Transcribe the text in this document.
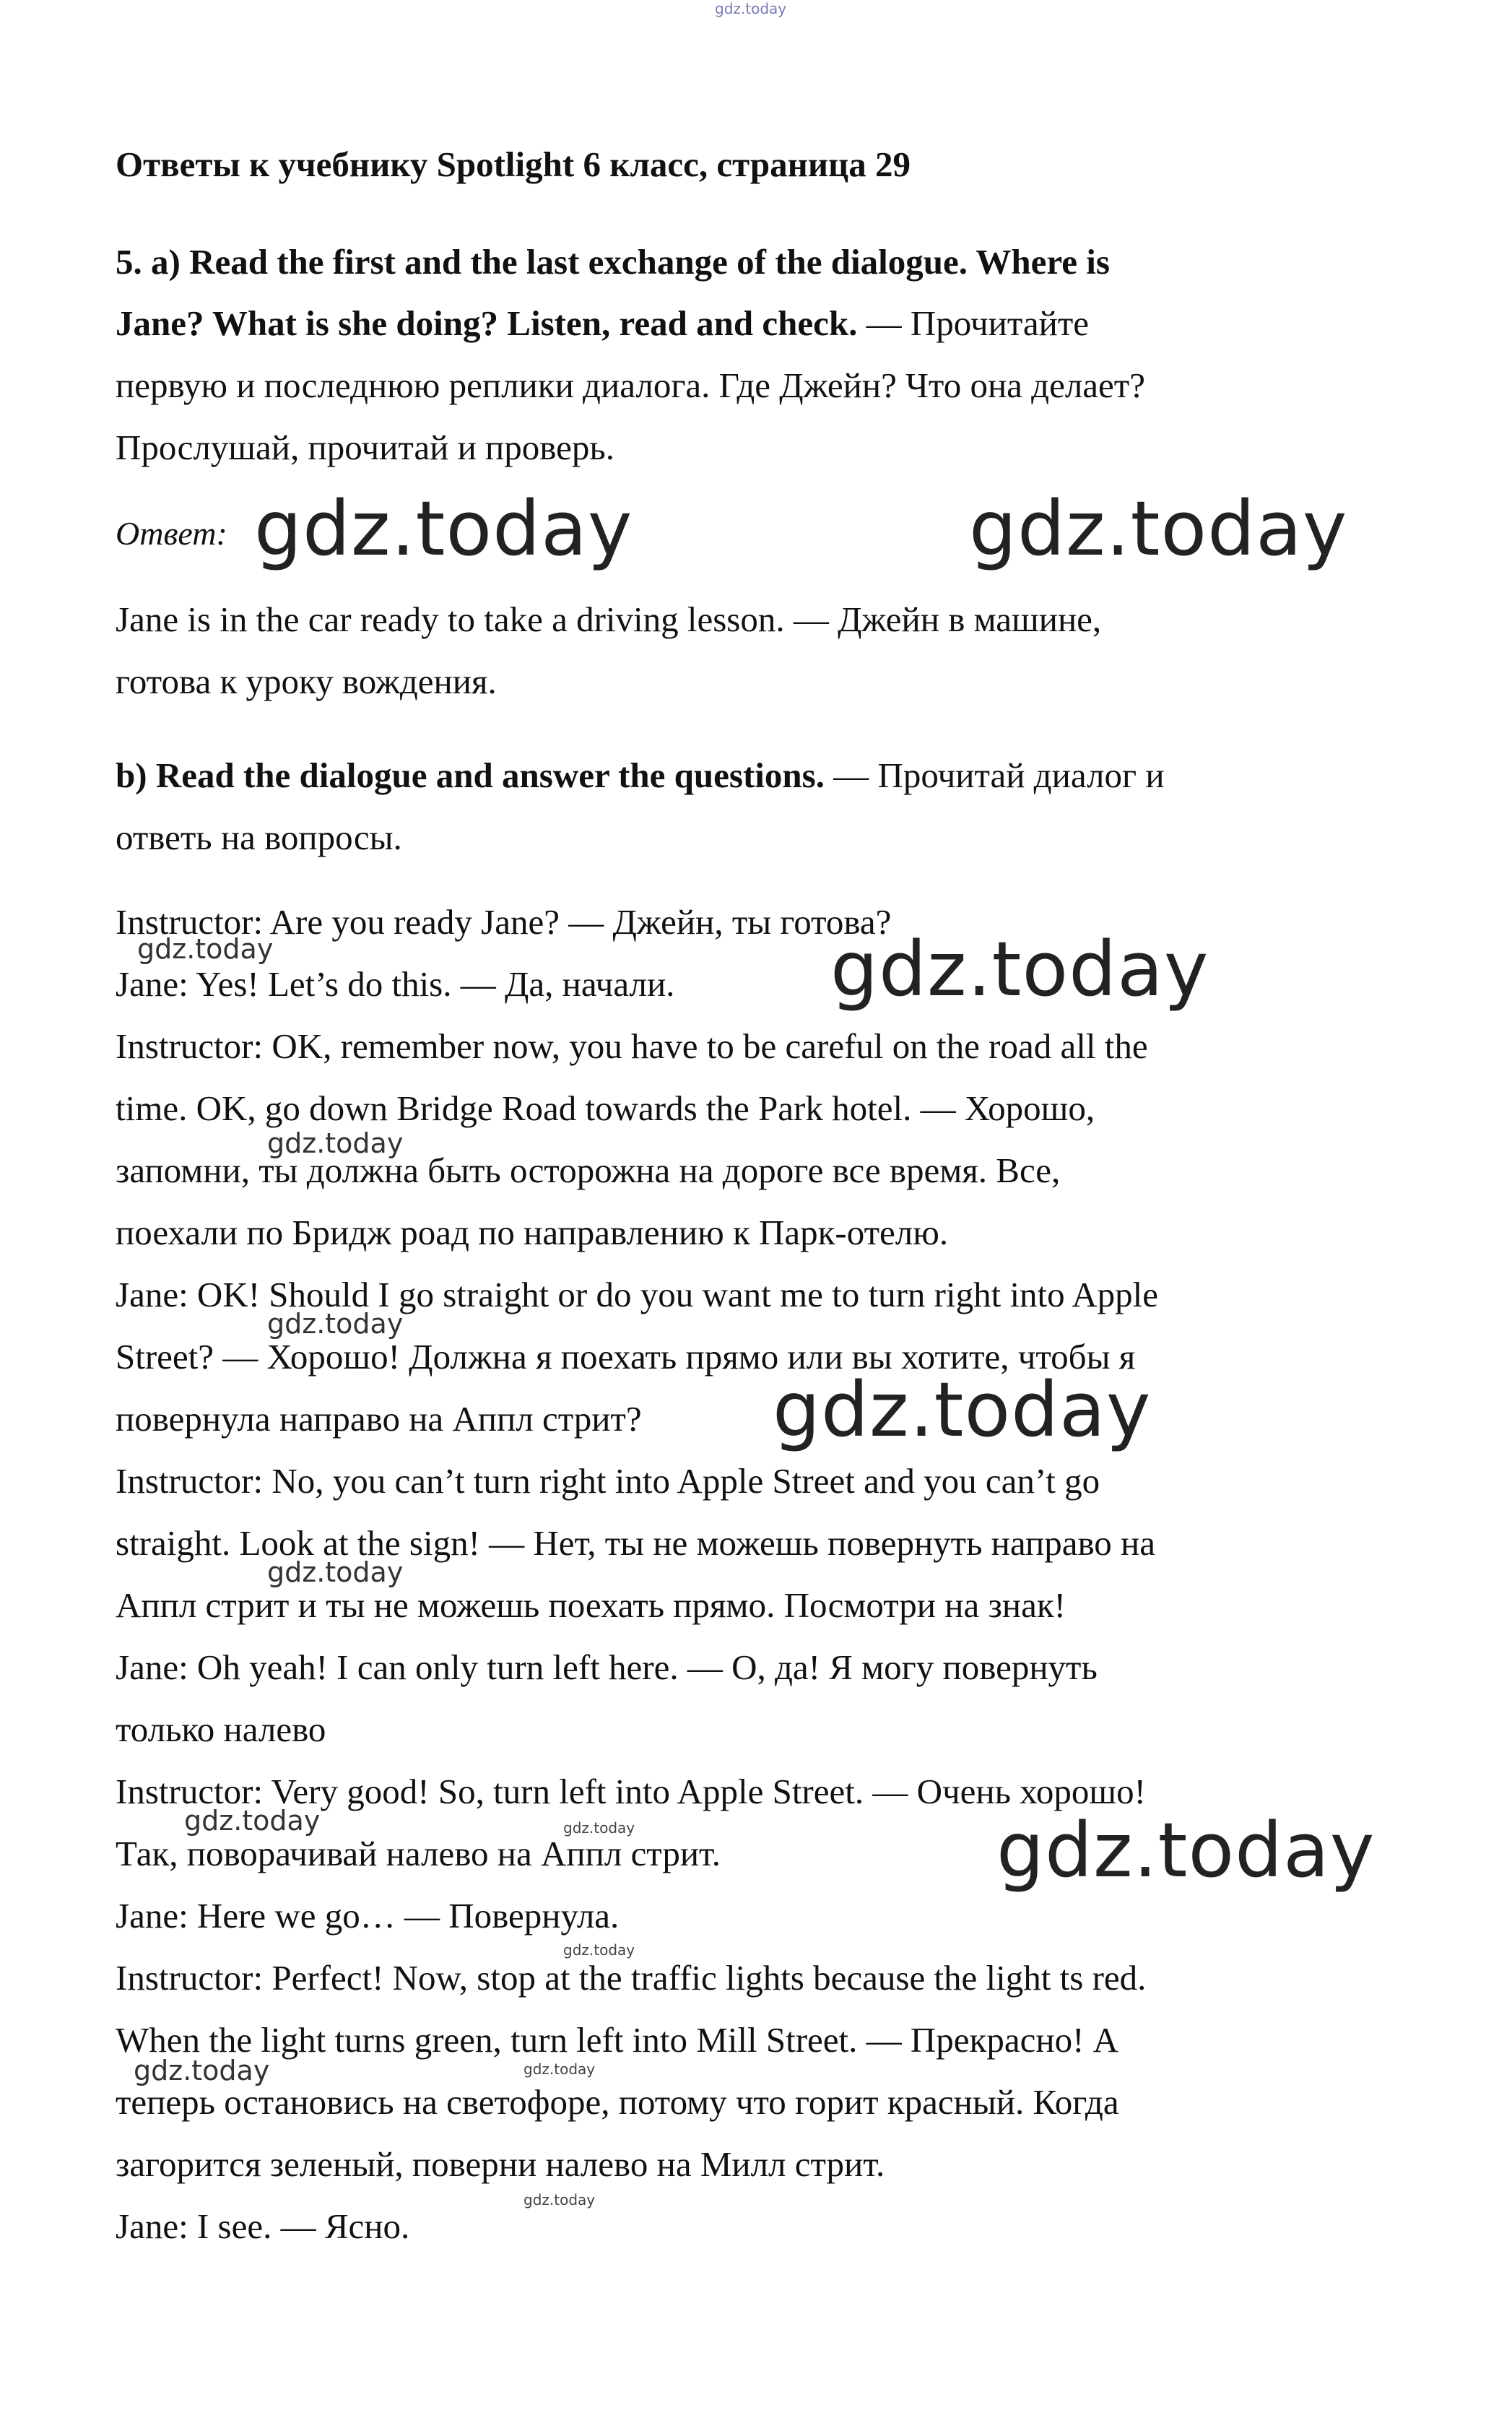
gdz.today
Ответы к учебнику Spotlight 6 класс, страница 29
5. a) Read the first and the last exchange of the dialogue. Where is
Jane? What is she doing? Listen, read and check. — Прочитайте
первую и последнюю реплики диалога. Где Джейн? Что она делает?
Прослушай, прочитай и проверь.
Ответ: gdz.today	gdz.today
Jane is in the car ready to take a driving lesson. — Джейн в машине,
готова к уроку вождения.
b) Read the dialogue and answer the questions. — Прочитай диалог и
ответь на вопросы.
Instructor: Are you ready Jane? — Джейн, ты готова?
Jane: Yes! Let’s do this. — Да, начали.
Instructor: OK, remember now, you have to be careful on the road all the
time. OK, go down Bridge Road towards the Park hotel. — Хорошо,
запомни, ты должна быть осторожна на дороге все время. Все,
поехали по Бридж роад по направлению к Парк-отелю.
Jane: OK! Should I go straight or do you want me to turn right into Apple
Street? — Хорошо! Должна я поехать прямо или вы хотите, чтобы я
повернула направо на Аппл стрит?
Instructor: No, you can’t turn right into Apple Street and you can’t go
straight. Look at the sign! — Нет, ты не можешь повернуть направо на
Аппл стрит и ты не можешь поехать прямо. Посмотри на знак!
Jane: Oh yeah! I can only turn left here. — О, да! Я могу повернуть
только налево
Instructor: Very good! So, turn left into Apple Street. — Очень хорошо!
Так, поворачивай налево на Аппл стрит.
Jane: Here we go… — Повернула.
Instructor: Perfect! Now, stop at the traffic lights because the light ts red.
When the light turns green, turn left into Mill Street. — Прекрасно! А
теперь остановись на светофоре, потому что горит красный. Когда
загорится зеленый, поверни налево на Милл стрит.
Jane: I see. — Ясно.
gdz.today	gdz.today
gdz.today
gdz.today
gdz.today
gdz.today
gdz.today	gdz.today	gdz.today
gdz.today
gdz.today	gdz.today
gdz.today
